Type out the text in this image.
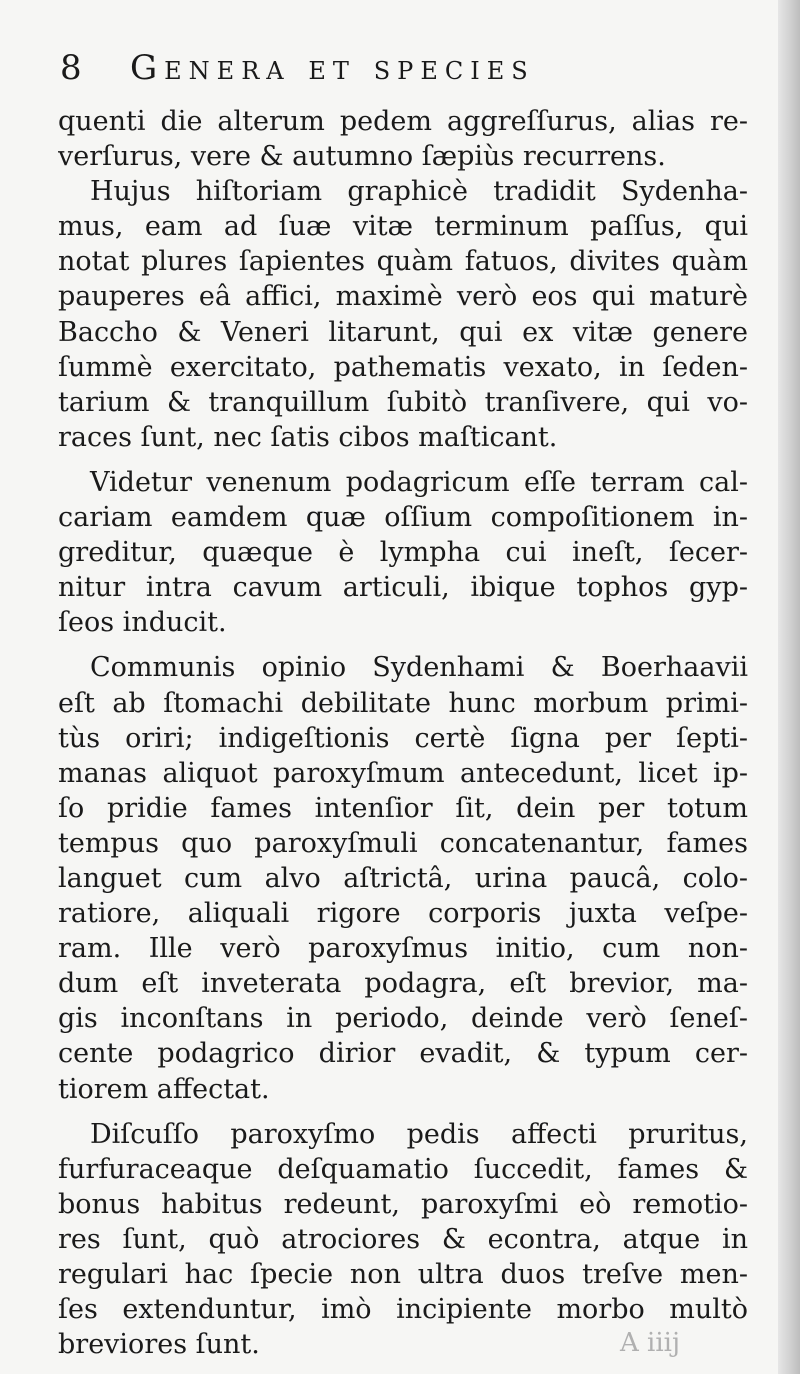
8	Genera et species
quenti die alterum pedem aggreſſurus, alias re-
verſurus, vere & autumno ſæpiùs recurrens.
Hujus hiſtoriam graphicè tradidit Sydenha-
mus, eam ad ſuæ vitæ terminum paſſus, qui
notat plures ſapientes quàm fatuos, divites quàm
pauperes eâ affici, maximè verò eos qui maturè
Baccho & Veneri litarunt, qui ex vitæ genere
ſummè exercitato, pathematis vexato, in ſeden-
tarium & tranquillum ſubitò tranſivere, qui vo-
races ſunt, nec ſatis cibos maſticant.
Videtur venenum podagricum eſſe terram cal-
cariam eamdem quæ oſſium compoſitionem in-
greditur, quæque è lympha cui ineſt, ſecer-
nitur intra cavum articuli, ibique tophos gyp-
ſeos inducit.
Communis opinio Sydenhami & Boerhaavii
eſt ab ſtomachi debilitate hunc morbum primi-
tùs oriri; indigeſtionis certè ſigna per ſepti-
manas aliquot paroxyſmum antecedunt, licet ip-
ſo pridie fames intenſior ſit, dein per totum
tempus quo paroxyſmuli concatenantur, fames
languet cum alvo aſtrictâ, urina paucâ, colo-
ratiore, aliquali rigore corporis juxta veſpe-
ram. Ille verò paroxyſmus initio, cum non-
dum eſt inveterata podagra, eſt brevior, ma-
gis inconſtans in periodo, deinde verò ſeneſ-
cente podagrico dirior evadit, & typum cer-
tiorem affectat.
Diſcuſſo paroxyſmo pedis affecti pruritus,
furfuraceaque deſquamatio ſuccedit, fames &
bonus habitus redeunt, paroxyſmi eò remotio-
res ſunt, quò atrociores & econtra, atque in
regulari hac ſpecie non ultra duos treſve men-
ſes extenduntur, imò incipiente morbo multò
breviores ſunt.	A iiij
